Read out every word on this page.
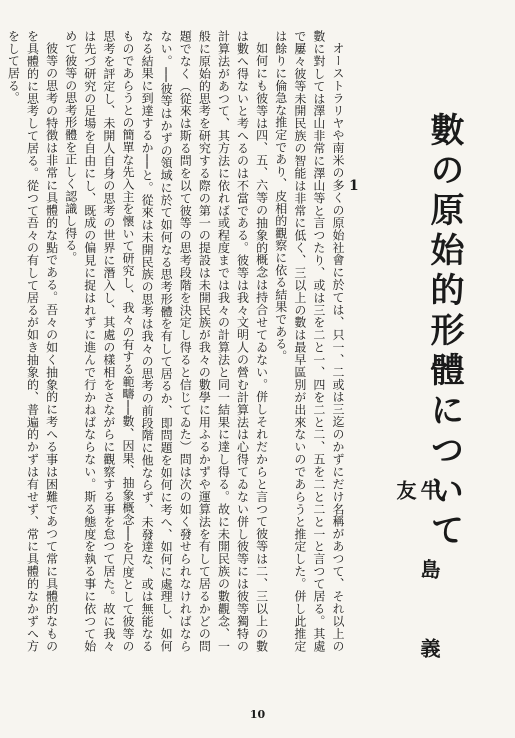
數の原始的形體について
牛 島 義 友
1

オーストラリヤや南米の多くの原始社會に於ては、只一、二或は三迄のかずにだけ名稱があつて、それ以上の數に對しては澤山非常に澤山等と言つたり、或は三を二と一、四を二と二、五を二と二と一と言つて居る。其處で屢々彼等未開民族の智能は非常に低く、三以上の數は最早區別が出來ないのであらうと推定した。併し此推定は餘りに倫急な推定であり、皮相的觀察に依る結果である。

如何にも彼等は四、五、六等の抽象的概念は持合せてゐない。併しそれだからと言つて彼等は二、三以上の數は數へ得ないと考へるのは不當である。彼等は我々文明人の營む計算法は心得てゐない併し彼等には彼等獨特の計算法があつて、其方法に依れば或程度までは我々の計算法と同一結果に達し得る。故に未開民族の數觀念、一般に原始的思考を研究する際の第一の提設は未開民族が我々の數學に用ふるかずや運算法を有して居るかどの問題でなく（從來は斯る問を以て彼等の思考段階を決定し得ると信じてゐた）問は次の如く發せられなければならない。──彼等はかずの領域に於て如何なる思考形體を有して居るか、即問題を如何に考へ、如何に處理し、如何なる結果に到達するか──と。從來は未開民族の思考は我々の思考の前段階に他ならず、未發達な、或は無能なるものであらうとの簡單な先入主を懷いて研究し、我々の有する範疇──數、因果、抽象概念──を尺度として彼等の思考を評定し、未開人自身の思考の世界に潛入し、其處の樣相をさながらに觀察する事を怠つて居た。故に我々は先づ研究の足場を自由にし、既成の偏見に捉はれずに進んで行かねばならない。斯る態度を執る事に依つて始めて彼等の思考形體を正しく認識し得る。

彼等の思考の特徴は非常に具體的な點である。吾々の如く抽象的に考へる事は困難であつて常に具體的なものを具體的に思考して居る。從つて吾々の有して居るが如き抽象的、普遍的かずは有せず、常に具體的なかずへ方をして居る。

10
